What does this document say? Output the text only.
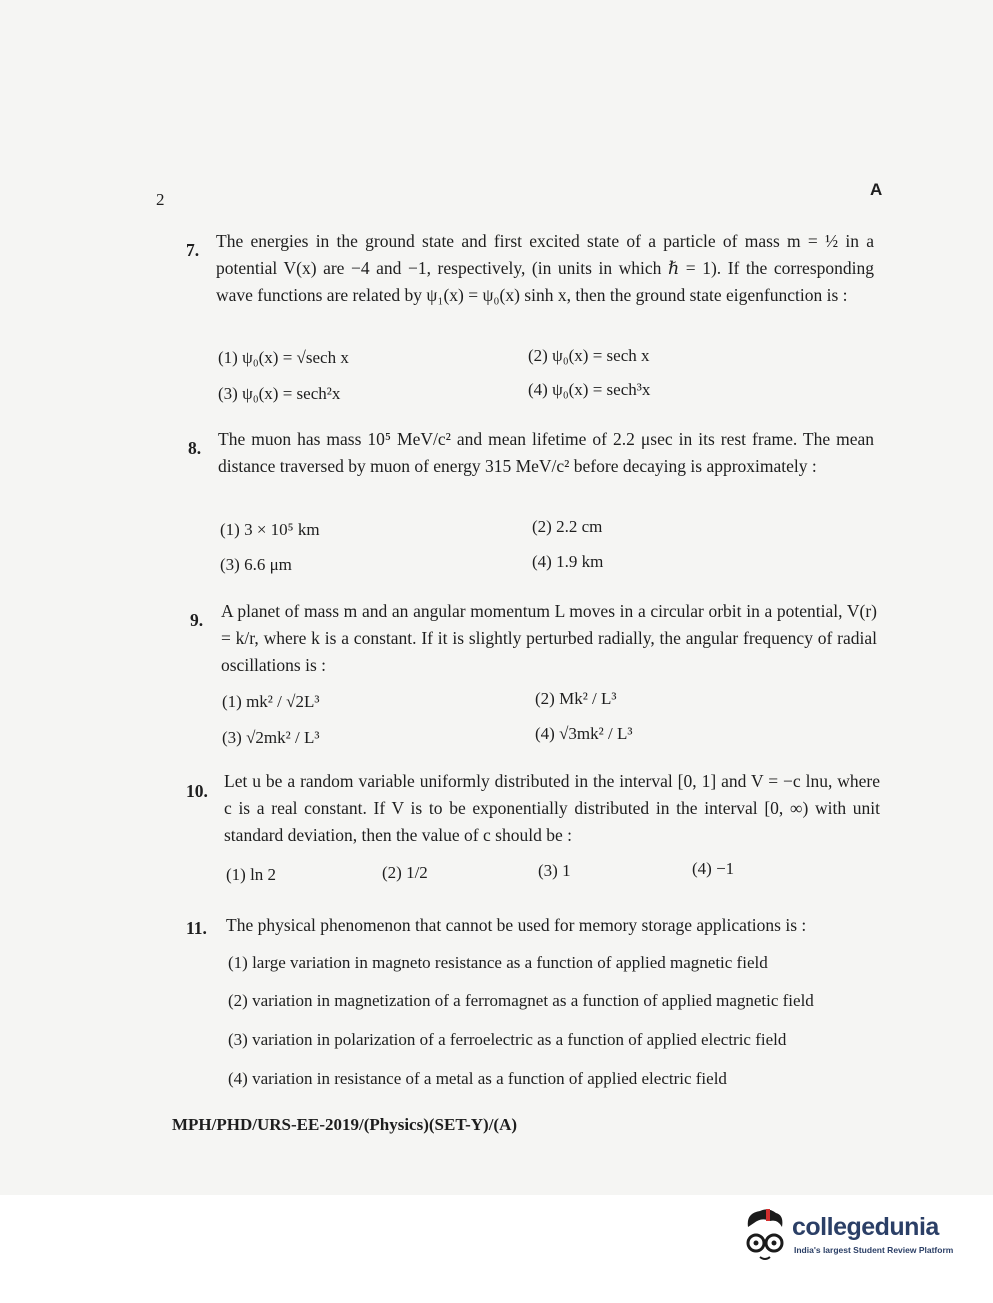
2
A
7. The energies in the ground state and first excited state of a particle of mass m = ½ in a potential V(x) are −4 and −1, respectively, (in units in which ℏ = 1). If the corresponding wave functions are related by ψ₁(x) = ψ₀(x) sinh x, then the ground state eigenfunction is :
(1) ψ₀(x) = √sech x	(2) ψ₀(x) = sech x
(3) ψ₀(x) = sech²x	(4) ψ₀(x) = sech³x
8. The muon has mass 10⁵ MeV/c² and mean lifetime of 2.2 μsec in its rest frame. The mean distance traversed by muon of energy 315 MeV/c² before decaying is approximately :
(1) 3 × 10⁵ km	(2) 2.2 cm
(3) 6.6 μm	(4) 1.9 km
9. A planet of mass m and an angular momentum L moves in a circular orbit in a potential, V(r) = k/r, where k is a constant. If it is slightly perturbed radially, the angular frequency of radial oscillations is :
(1) mk² / √2L³	(2) Mk² / L³
(3) √2mk² / L³	(4) √3mk² / L³
10. Let u be a random variable uniformly distributed in the interval [0, 1] and V = −c lnu, where c is a real constant. If V is to be exponentially distributed in the interval [0, ∞) with unit standard deviation, then the value of c should be :
(1) ln 2	(2) 1/2	(3) 1	(4) −1
11. The physical phenomenon that cannot be used for memory storage applications is :
(1) large variation in magneto resistance as a function of applied magnetic field
(2) variation in magnetization of a ferromagnet as a function of applied magnetic field
(3) variation in polarization of a ferroelectric as a function of applied electric field
(4) variation in resistance of a metal as a function of applied electric field
MPH/PHD/URS-EE-2019/(Physics)(SET-Y)/(A)
collegedunia
India's largest Student Review Platform
